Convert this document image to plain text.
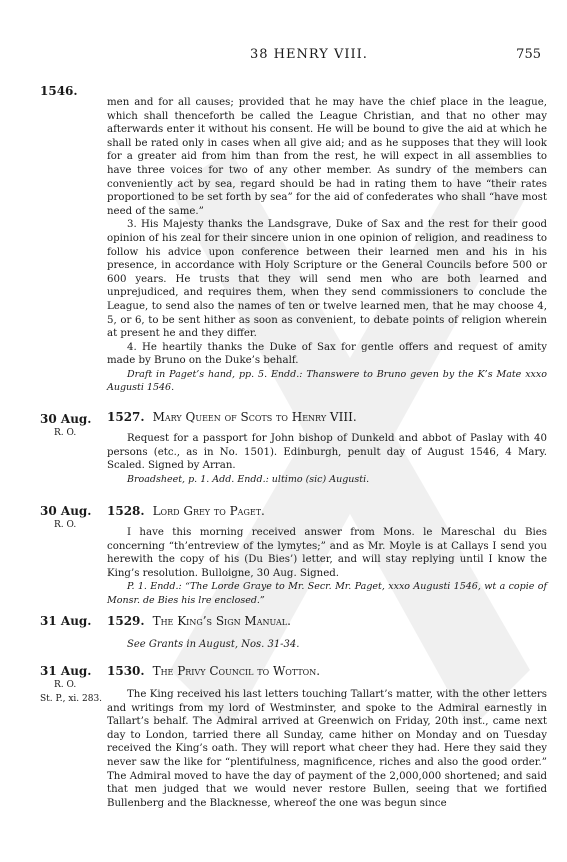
38 HENRY VIII.	755
1546.

men and for all causes; provided that he may have the chief place in the league, which shall thenceforth be called the League Christian, and that no other may afterwards enter it without his consent. He will be bound to give the aid at which he shall be rated only in cases when all give aid; and as he supposes that they will look for a greater aid from him than from the rest, he will expect in all assemblies to have three voices for two of any other member. As sundry of the members can conveniently act by sea, regard should be had in rating them to have “their rates proportioned to be set forth by sea” for the aid of confederates who shall “have most need of the same.”

3. His Majesty thanks the Landsgrave, Duke of Sax and the rest for their good opinion of his zeal for their sincere union in one opinion of religion, and readiness to follow his advice upon conference between their learned men and his in his presence, in accordance with Holy Scripture or the General Councils before 500 or 600 years. He trusts that they will send men who are both learned and unprejudiced, and requires them, when they send commissioners to conclude the League, to send also the names of ten or twelve learned men, that he may choose 4, 5, or 6, to be sent hither as soon as convenient, to debate points of religion wherein at present he and they differ.

4. He heartily thanks the Duke of Sax for gentle offers and request of amity made by Bruno on the Duke’s behalf.

Draft in Paget’s hand, pp. 5. Endd.: Thanswere to Bruno geven by the K’s Mate xxxo Augusti 1546.

30 Aug.
R. O.
1527. Mary Queen of Scots to Henry VIII.

Request for a passport for John bishop of Dunkeld and abbot of Paslay with 40 persons (etc., as in No. 1501). Edinburgh, penult day of August 1546, 4 Mary. Scaled. Signed by Arran.

Broadsheet, p. 1. Add. Endd.: ultimo (sic) Augusti.

30 Aug.
R. O.
1528. Lord Grey to Paget.

I have this morning received answer from Mons. le Mareschal du Bies concerning “th’entreview of the lymytes;” and as Mr. Moyle is at Callays I send you herewith the copy of his (Du Bies’) letter, and will stay replying until I know the King’s resolution. Bulloigne, 30 Aug. Signed.

P. 1. Endd.: “The Lorde Graye to Mr. Secr. Mr. Paget, xxxo Augusti 1546, wt a copie of Monsr. de Bies his lre enclosed.”

31 Aug.	1529. The King’s Sign Manual.

See Grants in August, Nos. 31-34.

31 Aug.
R. O.
St. P., xi. 283.
1530. The Privy Council to Wotton.

The King received his last letters touching Tallart’s matter, with the other letters and writings from my lord of Westminster, and spoke to the Admiral earnestly in Tallart’s behalf. The Admiral arrived at Greenwich on Friday, 20th inst., came next day to London, tarried there all Sunday, came hither on Monday and on Tuesday received the King’s oath. They will report what cheer they had. Here they said they never saw the like for “plentifulness, magnificence, riches and also the good order.” The Admiral moved to have the day of payment of the 2,000,000 shortened; and said that men judged that we would never restore Bullen, seeing that we fortified Bullenberg and the Blacknesse, whereof the one was begun since
